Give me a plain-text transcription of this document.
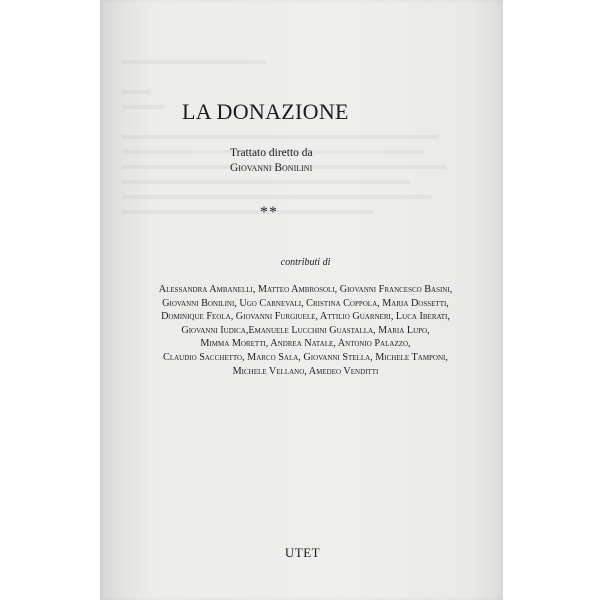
LA DONAZIONE
Trattato diretto da
Giovanni Bonilini
**
contributi di
Alessandra Ambanelli, Matteo Ambrosoli, Giovanni Francesco Basini,
Giovanni Bonilini, Ugo Carnevali, Cristina Coppola, Maria Dossetti,
Dominique Feola, Giovanni Furgiuele, Attilio Guarneri, Luca Iberati,
Giovanni Iudica,Emanuele Lucchini Guastalla, Maria Lupo,
Mimma Moretti, Andrea Natale, Antonio Palazzo,
Claudio Sacchetto, Marco Sala, Giovanni Stella, Michele Tamponi,
Michele Vellano, Amedeo Venditti
UTET
